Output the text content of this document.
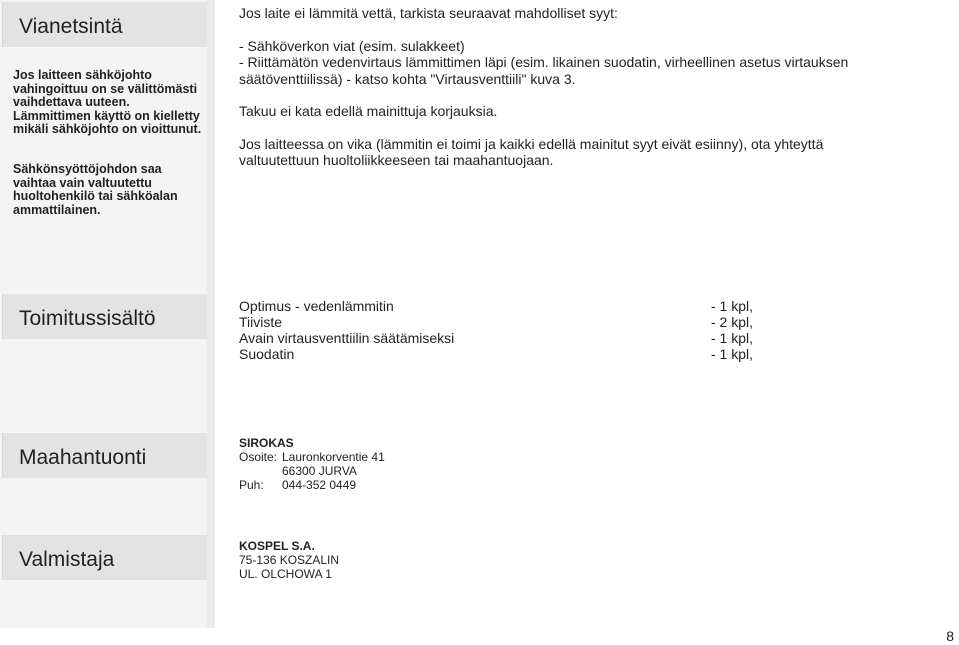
Vianetsintä
Toimitussisältö
Maahantuonti
Valmistaja
Jos laitteen sähköjohto vahingoittuu on se välittömästi vaihdettava uuteen. Lämmittimen käyttö on kielletty mikäli sähköjohto on vioittunut.
Sähkönsyöttöjohdon saa vaihtaa vain valtuutettu huoltohenkilö tai sähköalan ammattilainen.

Jos laite ei lämmitä vettä, tarkista seuraavat mahdolliset syyt:

- Sähköverkon viat (esim. sulakkeet)

- Riittämätön vedenvirtaus lämmittimen läpi (esim. likainen suodatin, virheellinen asetus virtauksen

säätöventtiilissä) - katso kohta "Virtausventtiili" kuva 3.

Takuu ei kata edellä mainittuja korjauksia.

Jos laitteessa on vika (lämmitin ei toimi ja kaikki edellä mainitut syyt eivät esiinny), ota yhteyttä

valtuutettuun huoltoliikkeeseen tai maahantuojaan.

Optimus - vedenlämmitin
Tiiviste
Avain virtausventtiilin säätämiseksi
Suodatin
- 1 kpl,
- 2 kpl,
- 1 kpl,
- 1 kpl,
SIROKAS
Osoite: Lauronkorventie 41
66300 JURVA
Puh: 044-352 0449
KOSPEL S.A.
75-136 KOSZALIN
UL. OLCHOWA 1
8
